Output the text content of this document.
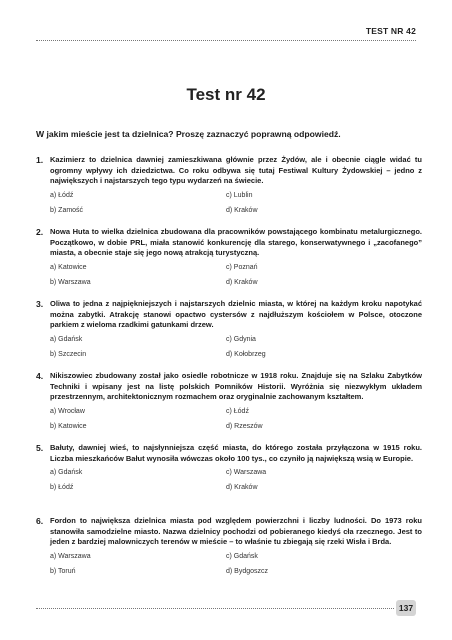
TEST NR 42
Test nr 42
W jakim mieście jest ta dzielnica? Proszę zaznaczyć poprawną odpowiedź.
1. Kazimierz to dzielnica dawniej zamieszkiwana głównie przez Żydów, ale i obecnie ciągle widać tu ogromny wpływy ich dziedzictwa. Co roku odbywa się tutaj Festiwal Kultury Żydowskiej – jedno z największych i najstarszych tego typu wydarzeń na świecie.
a) Łódź	c) Lublin
b) Zamość	d) Kraków
2. Nowa Huta to wielka dzielnica zbudowana dla pracowników powstającego kombinatu metalurgicznego. Początkowo, w dobie PRL, miała stanowić konkurencję dla starego, konserwatywnego i „zacofanego” miasta, a obecnie staje się jego nową atrakcją turystyczną.
a) Katowice	c) Poznań
b) Warszawa	d) Kraków
3. Oliwa to jedna z najpiękniejszych i najstarszych dzielnic miasta, w której na każdym kroku napotykać można zabytki. Atrakcję stanowi opactwo cystersów z najdłuższym kościołem w Polsce, otoczone parkiem z wieloma rzadkimi gatunkami drzew.
a) Gdańsk	c) Gdynia
b) Szczecin	d) Kołobrzeg
4. Nikiszowiec zbudowany został jako osiedle robotnicze w 1918 roku. Znajduje się na Szlaku Zabytków Techniki i wpisany jest na listę polskich Pomników Historii. Wyróżnia się niezwykłym układem przestrzennym, architektonicznym rozmachem oraz oryginalnie zachowanym kształtem.
a) Wrocław	c) Łódź
b) Katowice	d) Rzeszów
5. Bałuty, dawniej wieś, to najsłynniejsza część miasta, do którego została przyłączona w 1915 roku. Liczba mieszkańców Bałut wynosiła wówczas około 100 tys., co czyniło ją największą wsią w Europie.
a) Gdańsk	c) Warszawa
b) Łódź	d) Kraków
6. Fordon to największa dzielnica miasta pod względem powierzchni i liczby ludności. Do 1973 roku stanowiła samodzielne miasto. Nazwa dzielnicy pochodzi od pobieranego kiedyś cła rzecznego. Jest to jeden z bardziej malowniczych terenów w mieście – to właśnie tu zbiegają się rzeki Wisła i Brda.
a) Warszawa	c) Gdańsk
b) Toruń	d) Bydgoszcz
137
